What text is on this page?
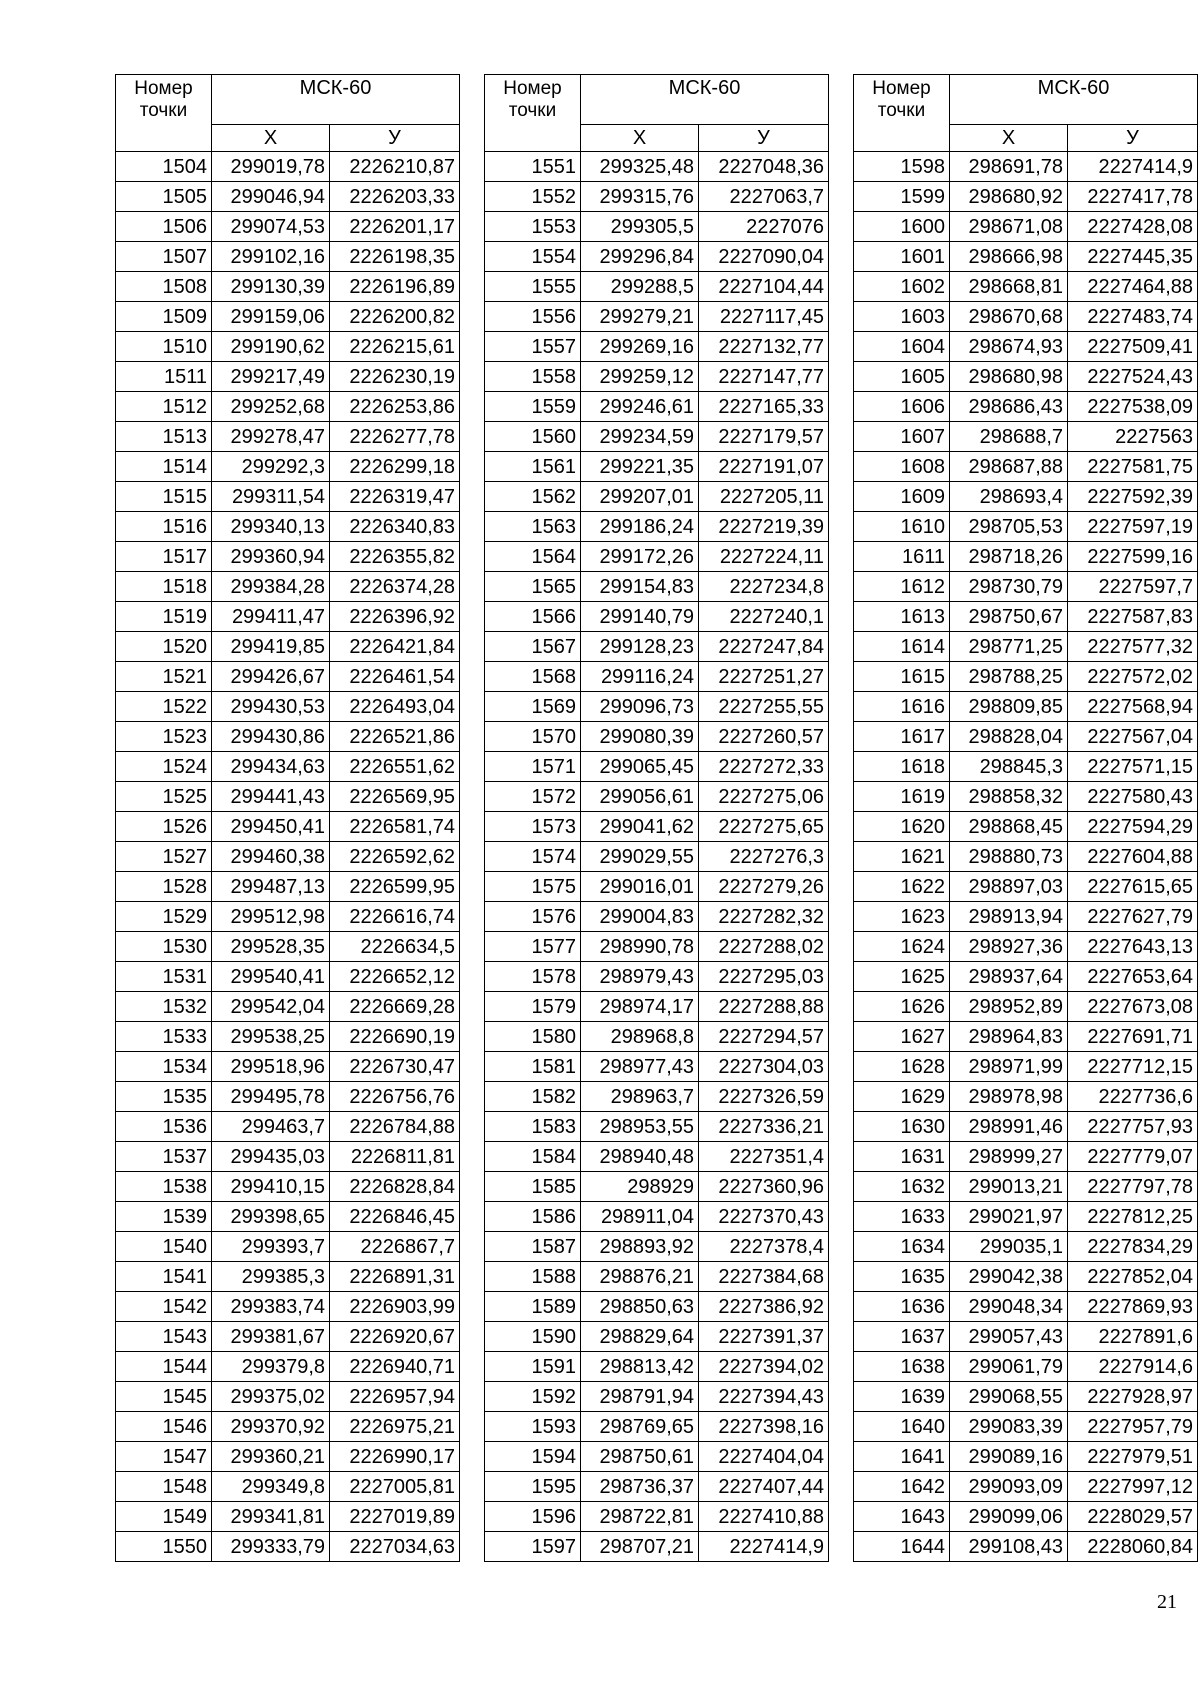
Номер точки	МСК-60	
	Х	У
1504	299019,78	2226210,87
1505	299046,94	2226203,33
1506	299074,53	2226201,17
1507	299102,16	2226198,35
1508	299130,39	2226196,89
1509	299159,06	2226200,82
1510	299190,62	2226215,61
1511	299217,49	2226230,19
1512	299252,68	2226253,86
1513	299278,47	2226277,78
1514	299292,3	2226299,18
1515	299311,54	2226319,47
1516	299340,13	2226340,83
1517	299360,94	2226355,82
1518	299384,28	2226374,28
1519	299411,47	2226396,92
1520	299419,85	2226421,84
1521	299426,67	2226461,54
1522	299430,53	2226493,04
1523	299430,86	2226521,86
1524	299434,63	2226551,62
1525	299441,43	2226569,95
1526	299450,41	2226581,74
1527	299460,38	2226592,62
1528	299487,13	2226599,95
1529	299512,98	2226616,74
1530	299528,35	2226634,5
1531	299540,41	2226652,12
1532	299542,04	2226669,28
1533	299538,25	2226690,19
1534	299518,96	2226730,47
1535	299495,78	2226756,76
1536	299463,7	2226784,88
1537	299435,03	2226811,81
1538	299410,15	2226828,84
1539	299398,65	2226846,45
1540	299393,7	2226867,7
1541	299385,3	2226891,31
1542	299383,74	2226903,99
1543	299381,67	2226920,67
1544	299379,8	2226940,71
1545	299375,02	2226957,94
1546	299370,92	2226975,21
1547	299360,21	2226990,17
1548	299349,8	2227005,81
1549	299341,81	2227019,89
1550	299333,79	2227034,63
Номер точки	МСК-60	
	Х	У
1551	299325,48	2227048,36
1552	299315,76	2227063,7
1553	299305,5	2227076
1554	299296,84	2227090,04
1555	299288,5	2227104,44
1556	299279,21	2227117,45
1557	299269,16	2227132,77
1558	299259,12	2227147,77
1559	299246,61	2227165,33
1560	299234,59	2227179,57
1561	299221,35	2227191,07
1562	299207,01	2227205,11
1563	299186,24	2227219,39
1564	299172,26	2227224,11
1565	299154,83	2227234,8
1566	299140,79	2227240,1
1567	299128,23	2227247,84
1568	299116,24	2227251,27
1569	299096,73	2227255,55
1570	299080,39	2227260,57
1571	299065,45	2227272,33
1572	299056,61	2227275,06
1573	299041,62	2227275,65
1574	299029,55	2227276,3
1575	299016,01	2227279,26
1576	299004,83	2227282,32
1577	298990,78	2227288,02
1578	298979,43	2227295,03
1579	298974,17	2227288,88
1580	298968,8	2227294,57
1581	298977,43	2227304,03
1582	298963,7	2227326,59
1583	298953,55	2227336,21
1584	298940,48	2227351,4
1585	298929	2227360,96
1586	298911,04	2227370,43
1587	298893,92	2227378,4
1588	298876,21	2227384,68
1589	298850,63	2227386,92
1590	298829,64	2227391,37
1591	298813,42	2227394,02
1592	298791,94	2227394,43
1593	298769,65	2227398,16
1594	298750,61	2227404,04
1595	298736,37	2227407,44
1596	298722,81	2227410,88
1597	298707,21	2227414,9
Номер точки	МСК-60	
	Х	У
1598	298691,78	2227414,9
1599	298680,92	2227417,78
1600	298671,08	2227428,08
1601	298666,98	2227445,35
1602	298668,81	2227464,88
1603	298670,68	2227483,74
1604	298674,93	2227509,41
1605	298680,98	2227524,43
1606	298686,43	2227538,09
1607	298688,7	2227563
1608	298687,88	2227581,75
1609	298693,4	2227592,39
1610	298705,53	2227597,19
1611	298718,26	2227599,16
1612	298730,79	2227597,7
1613	298750,67	2227587,83
1614	298771,25	2227577,32
1615	298788,25	2227572,02
1616	298809,85	2227568,94
1617	298828,04	2227567,04
1618	298845,3	2227571,15
1619	298858,32	2227580,43
1620	298868,45	2227594,29
1621	298880,73	2227604,88
1622	298897,03	2227615,65
1623	298913,94	2227627,79
1624	298927,36	2227643,13
1625	298937,64	2227653,64
1626	298952,89	2227673,08
1627	298964,83	2227691,71
1628	298971,99	2227712,15
1629	298978,98	2227736,6
1630	298991,46	2227757,93
1631	298999,27	2227779,07
1632	299013,21	2227797,78
1633	299021,97	2227812,25
1634	299035,1	2227834,29
1635	299042,38	2227852,04
1636	299048,34	2227869,93
1637	299057,43	2227891,6
1638	299061,79	2227914,6
1639	299068,55	2227928,97
1640	299083,39	2227957,79
1641	299089,16	2227979,51
1642	299093,09	2227997,12
1643	299099,06	2228029,57
1644	299108,43	2228060,84
21
